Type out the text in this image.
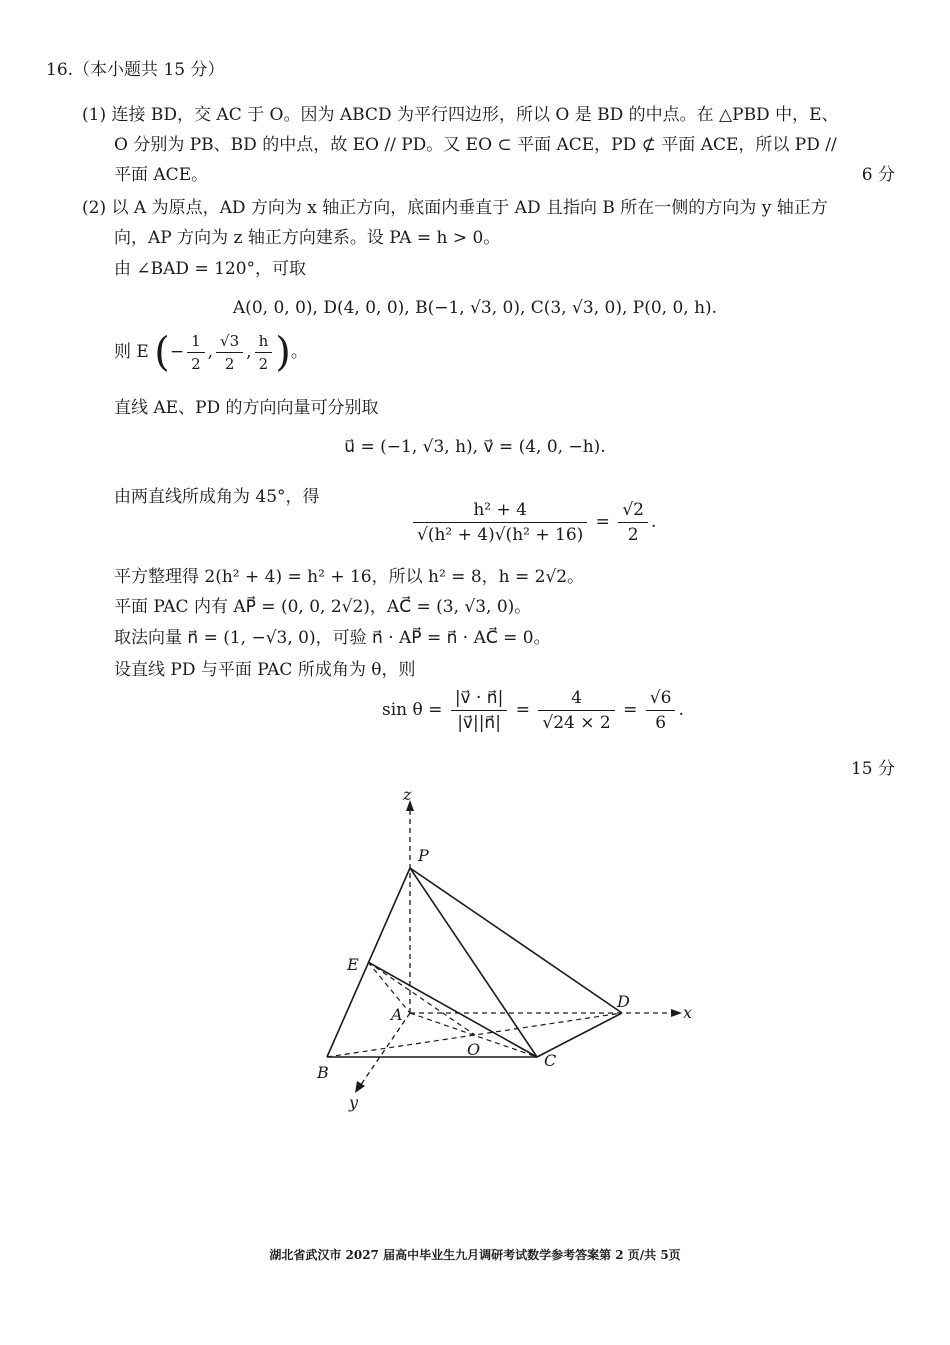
16.（本小题共 15 分）
(1) 连接 BD，交 AC 于 O。因为 ABCD 为平行四边形，所以 O 是 BD 的中点。在 △PBD 中，E、
O 分别为 PB、BD 的中点，故 EO // PD。又 EO ⊂ 平面 ACE，PD ⊄ 平面 ACE，所以 PD //
平面 ACE。	6 分
(2) 以 A 为原点，AD 方向为 x 轴正方向，底面内垂直于 AD 且指向 B 所在一侧的方向为 y 轴正方
向，AP 方向为 z 轴正方向建系。设 PA = h > 0。
由 ∠BAD = 120°，可取
A(0, 0, 0), D(4, 0, 0), B(−1, √3, 0), C(3, √3, 0), P(0, 0, h).
则 E (− $\frac{1}{2}$ , $\frac{√3}{2}$ , $\frac{h}{2}$ )。
直线 AE、PD 的方向向量可分别取
u⃗ = (−1, √3, h), v⃗ = (4, 0, −h).
由两直线所成角为 45°，得
$\frac{\text{h² + 4}}{\text{√(h² + 4)√(h² + 16)}} = \frac{√2}{2}$ .
平方整理得 2(h² + 4) = h² + 16，所以 h² = 8，h = 2√2。
平面 PAC 内有 AP⃗ = (0, 0, 2√2)，AC⃗ = (3, √3, 0)。
取法向量 n⃗ = (1, −√3, 0)，可验 n⃗ · AP⃗ = n⃗ · AC⃗ = 0。
设直线 PD 与平面 PAC 所成角为 θ，则
$\sin \theta = \frac{|v⃗ \cdot n⃗|}{|v⃗||n⃗|} = \frac{4}{√24 \times 2} = \frac{√6}{6}$ .
15 分
z
x
y
P
E
A
D
O
B
C
湖北省武汉市 2027 届高中毕业生九月调研考试数学参考答案第 2 页/共 5页
